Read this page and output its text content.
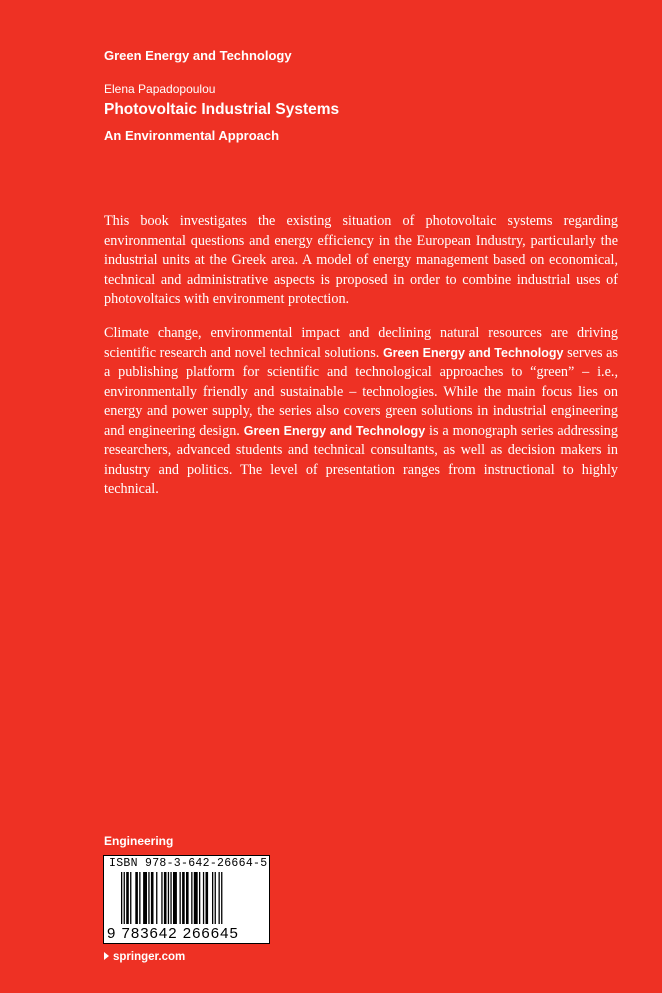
Green Energy and Technology
Elena Papadopoulou
Photovoltaic Industrial Systems
An Environmental Approach
This book investigates the existing situation of photovoltaic systems regarding environmental questions and energy efficiency in the European Industry, particularly the industrial units at the Greek area. A model of energy management based on economical, technical and administrative aspects is proposed in order to combine industrial uses of photovoltaics with environment protection.
Climate change, environmental impact and declining natural resources are driving scientific research and novel technical solutions. Green Energy and Technology serves as a publishing platform for scientific and technological approaches to “green” – i.e., environmentally friendly and sustainable – technologies. While the main focus lies on energy and power supply, the series also covers green solutions in industrial engineering and engineering design. Green Energy and Technology is a monograph series addressing researchers, advanced students and technical consultants, as well as decision makers in industry and politics. The level of presentation ranges from instructional to highly technical.
Engineering
ISBN 978-3-642-26664-5
9 783642 266645
springer.com
